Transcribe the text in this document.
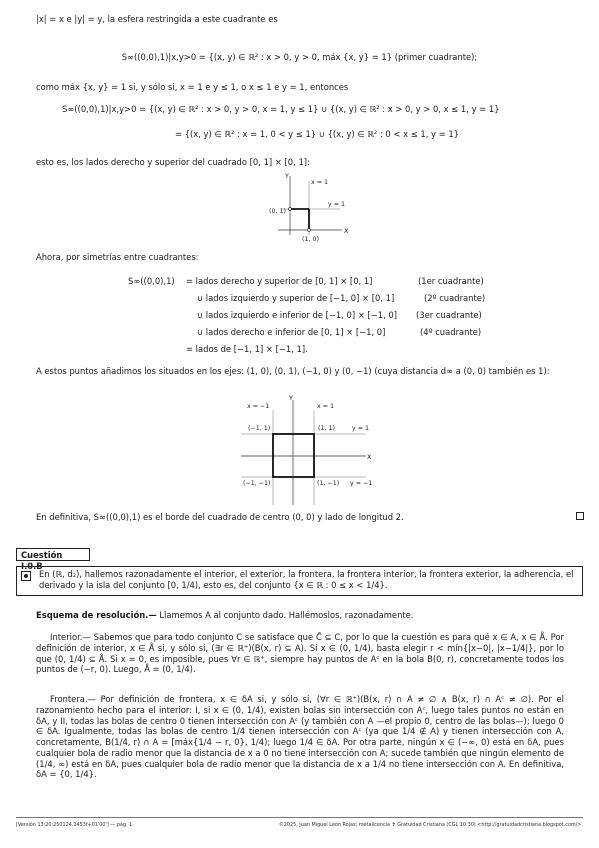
|x| = x e |y| = y, la esfera restringida a este cuadrante es
S∞((0,0),1)|x,y>0 = {(x, y) ∈ ℝ² : x > 0, y > 0, máx {x, y} = 1} (primer cuadrante);
como máx {x, y} = 1 si, y sólo si, x = 1 e y ≤ 1, o x ≤ 1 e y = 1, entonces
S∞((0,0),1)|x,y>0 = {(x, y) ∈ ℝ² : x > 0, y > 0, x = 1, y ≤ 1} ∪ {(x, y) ∈ ℝ² : x > 0, y > 0, x ≤ 1, y = 1}
= {(x, y) ∈ ℝ² : x = 1, 0 < y ≤ 1} ∪ {(x, y) ∈ ℝ² : 0 < x ≤ 1, y = 1}
esto es, los lados derecho y superior del cuadrado [0, 1] × [0, 1]:
Y
X
x = 1
y = 1
(0, 1)
(1, 0)
Ahora, por simetrías entre cuadrantes:
S∞((0,0),1) = lados derecho y superior de [0, 1] × [0, 1]	(1er cuadrante)
∪ lados izquierdo y superior de [−1, 0] × [0, 1]	(2º cuadrante)
∪ lados izquierdo e inferior de [−1, 0] × [−1, 0] (3er cuadrante)
∪ lados derecho e inferior de [0, 1] × [−1, 0]	(4º cuadrante)
= lados de [−1, 1] × [−1, 1].
A estos puntos añadimos los situados en los ejes: (1, 0), (0, 1), (−1, 0) y (0, −1) (cuya distancia d∞ a (0, 0) también es 1):
Y
X
x = −1	x = 1
y = 1
y = −1
(−1, 1)	(1, 1)
(−1, −1)	(1, −1)
En definitiva, S∞((0,0),1) es el borde del cuadrado de centro (0, 0) y lado de longitud 2.
Cuestión I.0.B
En (ℝ, d₂), hallemos razonadamente el interior, el exterior, la frontera, la frontera interior, la frontera exterior, la adherencia, el derivado y la isla del conjunto [0, 1/4), esto es, del conjunto {x ∈ ℝ : 0 ≤ x < 1/4}.
Esquema de resolución.— Llamemos A al conjunto dado. Hallémoslos, razonadamente.
Interior.— Sabemos que para todo conjunto C se satisface que C̊ ⊆ C, por lo que la cuestión es para qué x ∈ A, x ∈ Å. Por definición de interior, x ∈ Å si, y sólo si, (∃r ∈ ℝ⁺)(B(x, r) ⊆ A). Si x ∈ (0, 1/4), basta elegir r < mín{|x−0|, |x−1/4|}, por lo que (0, 1/4) ⊆ Å. Si x = 0, es imposible, pues ∀r ∈ ℝ⁺, siempre hay puntos de Aᶜ en la bola B(0, r), concretamente todos los puntos de (−r, 0). Luego, Å = (0, 1/4).
Frontera.— Por definición de frontera, x ∈ δA si, y sólo si, (∀r ∈ ℝ⁺)(B(x, r) ∩ A ≠ ∅ ∧ B(x, r) ∩ Aᶜ ≠ ∅). Por el razonamiento hecho para el interior: I, si x ∈ (0, 1/4), existen bolas sin intersección con Aᶜ, luego tales puntos no están en δA, y II, todas las bolas de centro 0 tienen intersección con Aᶜ (y también con A —el propio 0, centro de las bolas—); luego 0 ∈ δA. Igualmente, todas las bolas de centro 1/4 tienen intersección con Aᶜ (ya que 1/4 ∉ A) y tienen intersección con A, concretamente, B(1/4, r) ∩ A = [máx{1/4 − r, 0}, 1/4); luego 1/4 ∈ δA. Por otra parte, ningún x ∈ (−∞, 0) está en δA, pues cualquier bola de radio menor que la distancia de x a 0 no tiene intersección con A; sucede también que ningún elemento de (1/4, ∞) está en δA, pues cualquier bola de radio menor que la distancia de x a 1/4 no tiene intersección con A. En definitiva, δA = {0, 1/4}.
[Versión 13:20:250124.2453f+01'00'] — pág. 1	©2025, Juan Miguel León Rojas; metalicencia ✝ Gratuidad Cristiana (CGL 10.30) <http://gratuidadcristiana.blogspot.com/>.
